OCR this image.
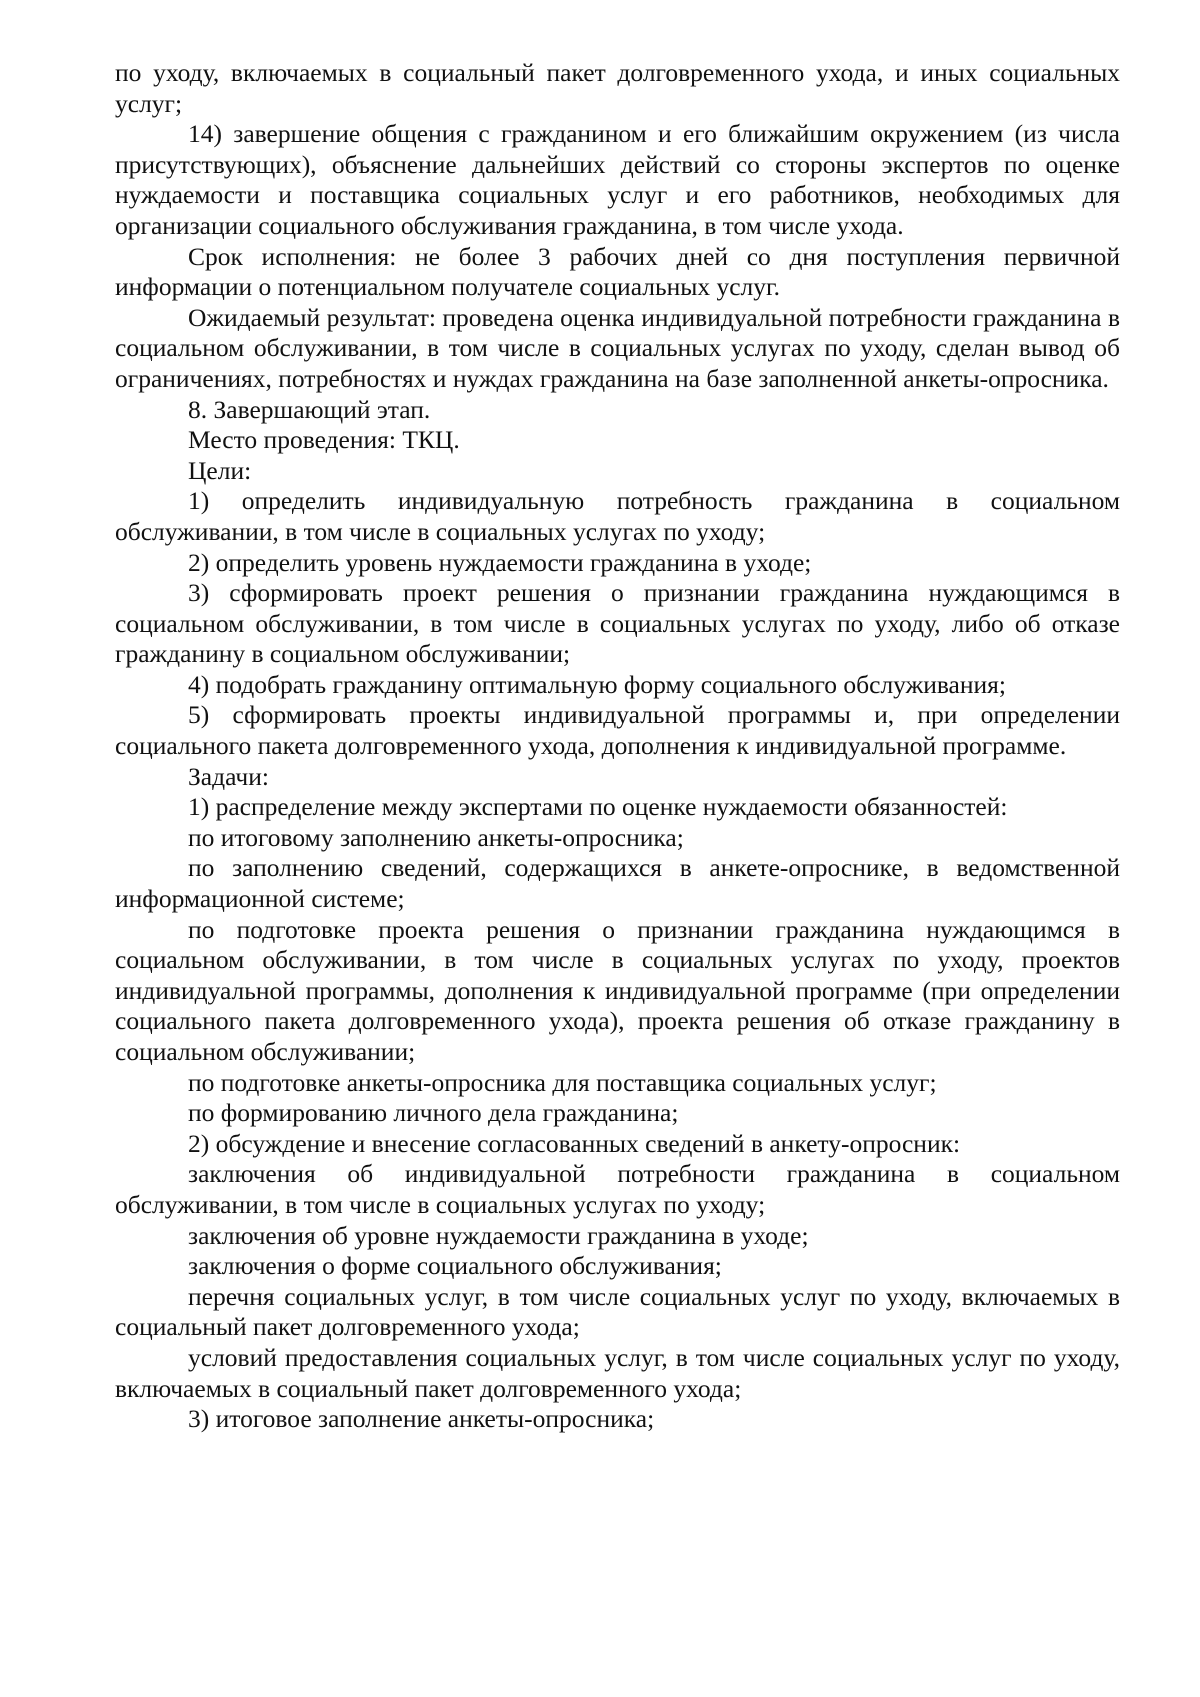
по уходу, включаемых в социальный пакет долговременного ухода, и иных социальных услуг;

14) завершение общения с гражданином и его ближайшим окружением (из числа присутствующих), объяснение дальнейших действий со стороны экспертов по оценке нуждаемости и поставщика социальных услуг и его работников, необходимых для организации социального обслуживания гражданина, в том числе ухода.

Срок исполнения: не более 3 рабочих дней со дня поступления первичной информации о потенциальном получателе социальных услуг.

Ожидаемый результат: проведена оценка индивидуальной потребности гражданина в социальном обслуживании, в том числе в социальных услугах по уходу, сделан вывод об ограничениях, потребностях и нуждах гражданина на базе заполненной анкеты-опросника.

8. Завершающий этап.

Место проведения: ТКЦ.

Цели:

1) определить индивидуальную потребность гражданина в социальном обслуживании, в том числе в социальных услугах по уходу;

2) определить уровень нуждаемости гражданина в уходе;

3) сформировать проект решения о признании гражданина нуждающимся в социальном обслуживании, в том числе в социальных услугах по уходу, либо об отказе гражданину в социальном обслуживании;

4) подобрать гражданину оптимальную форму социального обслуживания;

5) сформировать проекты индивидуальной программы и, при определении социального пакета долговременного ухода, дополнения к индивидуальной программе.

Задачи:

1) распределение между экспертами по оценке нуждаемости обязанностей:

по итоговому заполнению анкеты-опросника;

по заполнению сведений, содержащихся в анкете-опроснике, в ведомственной информационной системе;

по подготовке проекта решения о признании гражданина нуждающимся в социальном обслуживании, в том числе в социальных услугах по уходу, проектов индивидуальной программы, дополнения к индивидуальной программе (при определении социального пакета долговременного ухода), проекта решения об отказе гражданину в социальном обслуживании;

по подготовке анкеты-опросника для поставщика социальных услуг;

по формированию личного дела гражданина;

2) обсуждение и внесение согласованных сведений в анкету-опросник:

заключения об индивидуальной потребности гражданина в социальном обслуживании, в том числе в социальных услугах по уходу;

заключения об уровне нуждаемости гражданина в уходе;

заключения о форме социального обслуживания;

перечня социальных услуг, в том числе социальных услуг по уходу, включаемых в социальный пакет долговременного ухода;

условий предоставления социальных услуг, в том числе социальных услуг по уходу, включаемых в социальный пакет долговременного ухода;

3) итоговое заполнение анкеты-опросника;
